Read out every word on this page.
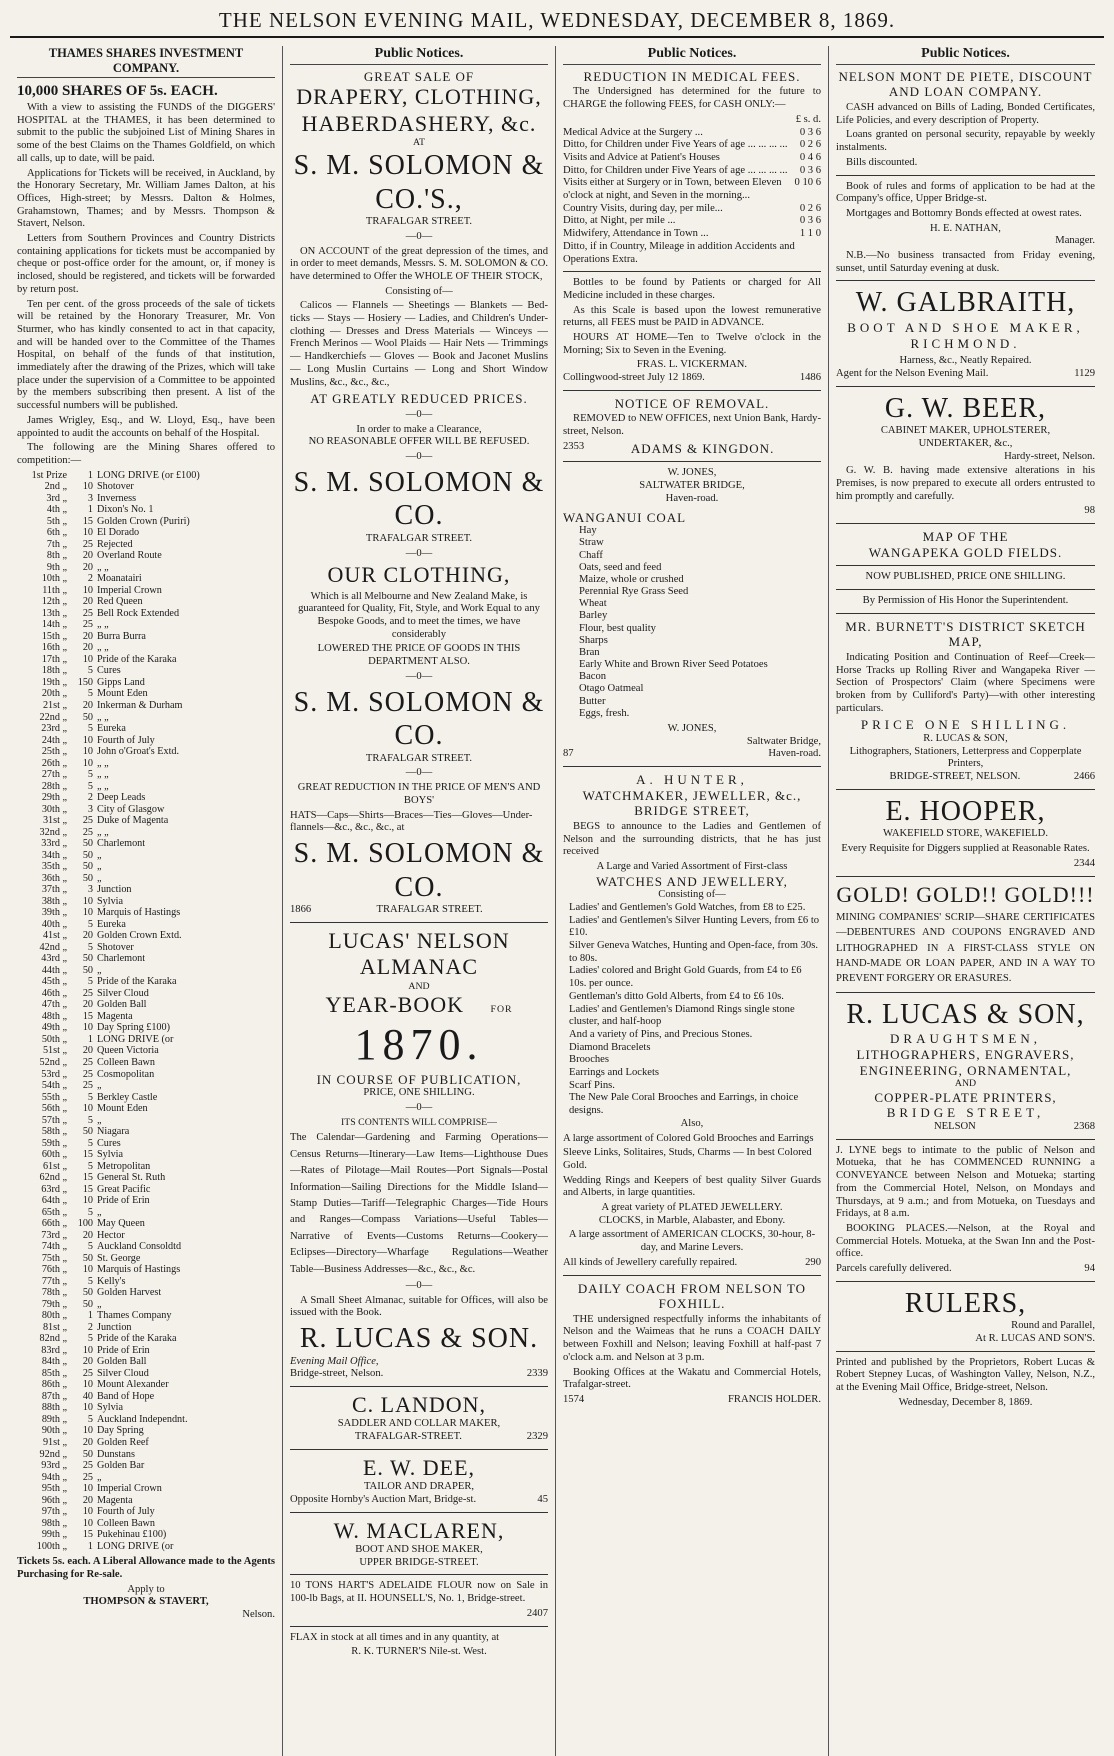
THE NELSON EVENING MAIL, WEDNESDAY, DECEMBER 8, 1869.
THAMES SHARES INVESTMENT COMPANY.
10,000 SHARES OF 5s. EACH.

With a view to assisting the FUNDS of the DIGGERS' HOSPITAL at the THAMES, it has been determined to submit to the public the subjoined List of Mining Shares in some of the best Claims on the Thames Goldfield, on which all calls, up to date, will be paid.

Applications for Tickets will be received, in Auckland, by the Honorary Secretary, Mr. William James Dalton, at his Offices, High-street; by Messrs. Dalton & Holmes, Grahamstown, Thames; and by Messrs. Thompson & Stavert, Nelson.

Letters from Southern Provinces and Country Districts containing applications for tickets must be accompanied by cheque or post-office order for the amount, or, if money is inclosed, should be registered, and tickets will be forwarded by return post.

Ten per cent. of the gross proceeds of the sale of tickets will be retained by the Honorary Treasurer, Mr. Von Sturmer, who has kindly consented to act in that capacity, and will be handed over to the Committee of the Thames Hospital, on behalf of the funds of that institution, immediately after the drawing of the Prizes, which will take place under the supervision of a Committee to be appointed by the members subscribing then present. A list of the successful numbers will be published.

James Wrigley, Esq., and W. Lloyd, Esq., have been appointed to audit the accounts on behalf of the Hospital.

The following are the Mining Shares offered to competition:—

1st Prize	1 LONG DRIVE (or £100)
2nd „	10 Shotover
3rd „	3 Inverness
4th „	1 Dixon's No. 1
5th „	15 Golden Crown (Puriri)
6th „	10 El Dorado
7th „	25 Rejected
8th „	20 Overland Route
9th „	20 „ „
10th „	2 Moanatairi
11th „	10 Imperial Crown
12th „	20 Red Queen
13th „	25 Bell Rock Extended
14th „	25 „ „
15th „	20 Burra Burra
16th „	20 „ „
17th „	10 Pride of the Karaka
18th „	5 Cures
19th „	150 Gipps Land
20th „	5 Mount Eden
21st „	20 Inkerman & Durham
22nd „	50 „ „
23rd „	5 Eureka
24th „	10 Fourth of July
25th „	10 John o'Groat's Extd.
26th „	10 „ „
27th „	5 „ „
28th „	5 „ „
29th „	2 Deep Leads
30th „	3 City of Glasgow
31st „	25 Duke of Magenta
32nd „	25 „ „
33rd „	50 Charlemont
34th „	50 „
35th „	50 „
36th „	50 „
37th „	3 Junction
38th „	10 Sylvia
39th „	10 Marquis of Hastings
40th „	5 Eureka
41st „	20 Golden Crown Extd.
42nd „	5 Shotover
43rd „	50 Charlemont
44th „	50 „
45th „	5 Pride of the Karaka
46th „	25 Silver Cloud
47th „	20 Golden Ball
48th „	15 Magenta
49th „	10 Day Spring £100)
50th „	1 LONG DRIVE (or
51st „	20 Queen Victoria
52nd „	25 Colleen Bawn
53rd „	25 Cosmopolitan
54th „	25 „
55th „	5 Berkley Castle
56th „	10 Mount Eden
57th „	5 „
58th „	50 Niagara
59th „	5 Cures
60th „	15 Sylvia
61st „	5 Metropolitan
62nd „	15 General St. Ruth
63rd „	15 Great Pacific
64th „	10 Pride of Erin
65th „	5 „
66th „	100 May Queen
73rd „	20 Hector
74th „	5 Auckland Consoldtd
75th „	50 St. George
76th „	10 Marquis of Hastings
77th „	5 Kelly's
78th „	50 Golden Harvest
79th „	50 „
80th „	1 Thames Company
81st „	2 Junction
82nd „	5 Pride of the Karaka
83rd „	10 Pride of Erin
84th „	20 Golden Ball
85th „	25 Silver Cloud
86th „	10 Mount Alexander
87th „	40 Band of Hope
88th „	10 Sylvia
89th „	5 Auckland Independnt.
90th „	10 Day Spring
91st „	20 Golden Reef
92nd „	50 Dunstans
93rd „	25 Golden Bar
94th „	25 „
95th „	10 Imperial Crown
96th „	20 Magenta
97th „	10 Fourth of July
98th „	10 Colleen Bawn
99th „	15 Pukehinau £100)
100th „	1 LONG DRIVE (or

Tickets 5s. each. A Liberal Allowance made to the Agents Purchasing for Re-sale.

Apply to
THOMPSON & STAVERT,
Nelson.
Public Notices.
GREAT SALE OF
DRAPERY, CLOTHING,
HABERDASHERY, &c.
AT
S. M. SOLOMON & CO.'S.,
TRAFALGAR STREET.
—0—

ON ACCOUNT of the great depression of the times, and in order to meet demands, Messrs. S. M. SOLOMON & CO. have determined to Offer the WHOLE OF THEIR STOCK,

Consisting of—

Calicos — Flannels — Sheetings — Blankets — Bed-ticks — Stays — Hosiery — Ladies, and Children's Under-clothing — Dresses and Dress Materials — Winceys — French Merinos — Wool Plaids — Hair Nets — Trimmings — Handkerchiefs — Gloves — Book and Jaconet Muslins — Long Muslin Curtains — Long and Short Window Muslins, &c., &c., &c.,

AT GREATLY REDUCED PRICES.
—0—
In order to make a Clearance,
NO REASONABLE OFFER WILL BE REFUSED.
—0—
S. M. SOLOMON & CO.
TRAFALGAR STREET.
—0—
OUR CLOTHING,

Which is all Melbourne and New Zealand Make, is guaranteed for Quality, Fit, Style, and Work Equal to any Bespoke Goods, and to meet the times, we have considerably

LOWERED THE PRICE OF GOODS IN THIS DEPARTMENT ALSO.
—0—
S. M. SOLOMON & CO.
TRAFALGAR STREET.
—0—
GREAT REDUCTION IN THE PRICE OF MEN'S AND BOYS'

HATS—Caps—Shirts—Braces—Ties—Gloves—Under-flannels—&c., &c., &c., at

S. M. SOLOMON & CO.
1866	TRAFALGAR STREET.
LUCAS' NELSON ALMANAC
AND
YEAR-BOOK	FOR
1870.
IN COURSE OF PUBLICATION,
PRICE, ONE SHILLING.
—0—
ITS CONTENTS WILL COMPRISE—

The Calendar—Gardening and Farming Operations—Census Returns—Itinerary—Law Items—Lighthouse Dues—Rates of Pilotage—Mail Routes—Port Signals—Postal Information—Sailing Directions for the Middle Island—Stamp Duties—Tariff—Telegraphic Charges—Tide Hours and Ranges—Compass Variations—Useful Tables—Narrative of Events—Customs Returns—Cookery—Eclipses—Directory—Wharfage Regulations—Weather Table—Business Addresses—&c., &c., &c.

—0—

A Small Sheet Almanac, suitable for Offices, will also be issued with the Book.

R. LUCAS & SON.
Evening Mail Office,
Bridge-street, Nelson.	2339
C. LANDON,
SADDLER AND COLLAR MAKER,
TRAFALGAR-STREET.	2329
E. W. DEE,
TAILOR AND DRAPER,
Opposite Hornby's Auction Mart, Bridge-st.	45
W. MACLAREN,
BOOT AND SHOE MAKER,
UPPER BRIDGE-STREET.

10 TONS HART'S ADELAIDE FLOUR now on Sale in 100-lb Bags, at II. HOUNSELL'S, No. 1, Bridge-street.

2407

FLAX in stock at all times and in any quantity, at

R. K. TURNER'S Nile-st. West.
Public Notices.
REDUCTION IN MEDICAL FEES.

The Undersigned has determined for the future to CHARGE the following FEES, for CASH ONLY:—

£ s. d.
Medical Advice at the Surgery ...	0 3 6
Ditto, for Children under Five Years of age ... ... ... ...	0 2 6
Visits and Advice at Patient's Houses	0 4 6
Ditto, for Children under Five Years of age ... ... ... ...	0 3 6
Visits either at Surgery or in Town, between Eleven o'clock at night, and Seven in the morning...
0 10 6
Country Visits, during day, per mile...	0 2 6
Ditto, at Night, per mile ...	0 3 6
Midwifery, Attendance in Town ...	1 1 0
Ditto, if in Country, Mileage in addition Accidents and Operations Extra.

Bottles to be found by Patients or charged for All Medicine included in these charges.

As this Scale is based upon the lowest remunerative returns, all FEES must be PAID in ADVANCE.

HOURS AT HOME—Ten to Twelve o'clock in the Morning; Six to Seven in the Evening.

FRAS. L. VICKERMAN.
Collingwood-street July 12 1869.	1486
NOTICE OF REMOVAL.

REMOVED to NEW OFFICES, next Union Bank, Hardy-street, Nelson.

2353	ADAMS & KINGDON.
W. JONES,
SALTWATER BRIDGE,
Haven-road.
WANGANUI COAL
Hay
Straw
Chaff
Oats, seed and feed
Maize, whole or crushed
Perennial Rye Grass Seed
Wheat
Barley
Flour, best quality
Sharps
Bran
Early White and Brown River Seed Potatoes
Bacon
Otago Oatmeal
Butter
Eggs, fresh.
W. JONES,
Saltwater Bridge,
87	Haven-road.
A. HUNTER,
WATCHMAKER, JEWELLER, &c.,
BRIDGE STREET,

BEGS to announce to the Ladies and Gentlemen of Nelson and the surrounding districts, that he has just received

A Large and Varied Assortment of First-class
WATCHES AND JEWELLERY,
Consisting of—
Ladies' and Gentlemen's Gold Watches, from £8 to £25.
Ladies' and Gentlemen's Silver Hunting Levers, from £6 to £10.
Silver Geneva Watches, Hunting and Open-face, from 30s. to 80s.
Ladies' colored and Bright Gold Guards, from £4 to £6 10s. per ounce.
Gentleman's ditto Gold Alberts, from £4 to £6 10s.
Ladies' and Gentlemen's Diamond Rings single stone cluster, and half-hoop
And a variety of Pins, and Precious Stones.
Diamond Bracelets
Brooches
Earrings and Lockets
Scarf Pins.
The New Pale Coral Brooches and Earrings, in choice designs.
Also,

A large assortment of Colored Gold Brooches and Earrings

Sleeve Links, Solitaires, Studs, Charms — In best Colored Gold.

Wedding Rings and Keepers of best quality Silver Guards and Alberts, in large quantities.

A great variety of PLATED JEWELLERY.
CLOCKS, in Marble, Alabaster, and Ebony.

A large assortment of AMERICAN CLOCKS, 30-hour, 8-day, and Marine Levers.

All kinds of Jewellery carefully repaired.	290
DAILY COACH FROM NELSON TO FOXHILL.

THE undersigned respectfully informs the inhabitants of Nelson and the Waimeas that he runs a COACH DAILY between Foxhill and Nelson; leaving Foxhill at half-past 7 o'clock a.m. and Nelson at 3 p.m.

Booking Offices at the Wakatu and Commercial Hotels, Trafalgar-street.

1574	FRANCIS HOLDER.
Public Notices.
NELSON MONT DE PIETE, DISCOUNT AND LOAN COMPANY.

CASH advanced on Bills of Lading, Bonded Certificates, Life Policies, and every description of Property.

Loans granted on personal security, repayable by weekly instalments.

Bills discounted.

Book of rules and forms of application to be had at the Company's office, Upper Bridge-st.

Mortgages and Bottomry Bonds effected at owest rates.

H. E. NATHAN,
Manager.

N.B.—No business transacted from Friday evening, sunset, until Saturday evening at dusk.

W. GALBRAITH,
BOOT AND SHOE MAKER,
RICHMOND.
Harness, &c., Neatly Repaired.
Agent for the Nelson Evening Mail.	1129
G. W. BEER,
CABINET MAKER, UPHOLSTERER,
UNDERTAKER, &c.,
Hardy-street, Nelson.

G. W. B. having made extensive alterations in his Premises, is now prepared to execute all orders entrusted to him promptly and carefully.

98
MAP OF THE
WANGAPEKA GOLD FIELDS.
NOW PUBLISHED, PRICE ONE SHILLING.
By Permission of His Honor the Superintendent.
MR. BURNETT'S DISTRICT SKETCH MAP,

Indicating Position and Continuation of Reef—Creek—Horse Tracks up Rolling River and Wangapeka River — Section of Prospectors' Claim (where Specimens were broken from by Culliford's Party)—with other interesting particulars.

PRICE ONE SHILLING.
R. LUCAS & SON,
Lithographers, Stationers, Letterpress and Copperplate Printers,
BRIDGE-STREET, NELSON.	2466
E. HOOPER,
WAKEFIELD STORE, WAKEFIELD.

Every Requisite for Diggers supplied at Reasonable Rates.

2344
GOLD! GOLD!! GOLD!!!

MINING COMPANIES' SCRIP—SHARE CERTIFICATES—DEBENTURES AND COUPONS ENGRAVED AND LITHOGRAPHED IN A FIRST-CLASS STYLE ON HAND-MADE OR LOAN PAPER, AND IN A WAY TO PREVENT FORGERY OR ERASURES.

R. LUCAS & SON,
DRAUGHTSMEN,
LITHOGRAPHERS, ENGRAVERS,
ENGINEERING, ORNAMENTAL,
AND
COPPER-PLATE PRINTERS,
BRIDGE STREET,
NELSON	2368

J. LYNE begs to intimate to the public of Nelson and Motueka, that he has COMMENCED RUNNING a CONVEYANCE between Nelson and Motueka; starting from the Commercial Hotel, Nelson, on Mondays and Thursdays, at 9 a.m.; and from Motueka, on Tuesdays and Fridays, at 8 a.m.

BOOKING PLACES.—Nelson, at the Royal and Commercial Hotels. Motueka, at the Swan Inn and the Post-office.

Parcels carefully delivered.	94
RULERS,
Round and Parallel,
At R. LUCAS AND SON'S.

Printed and published by the Proprietors, Robert Lucas & Robert Stepney Lucas, of Washington Valley, Nelson, N.Z., at the Evening Mail Office, Bridge-street, Nelson.

Wednesday, December 8, 1869.
